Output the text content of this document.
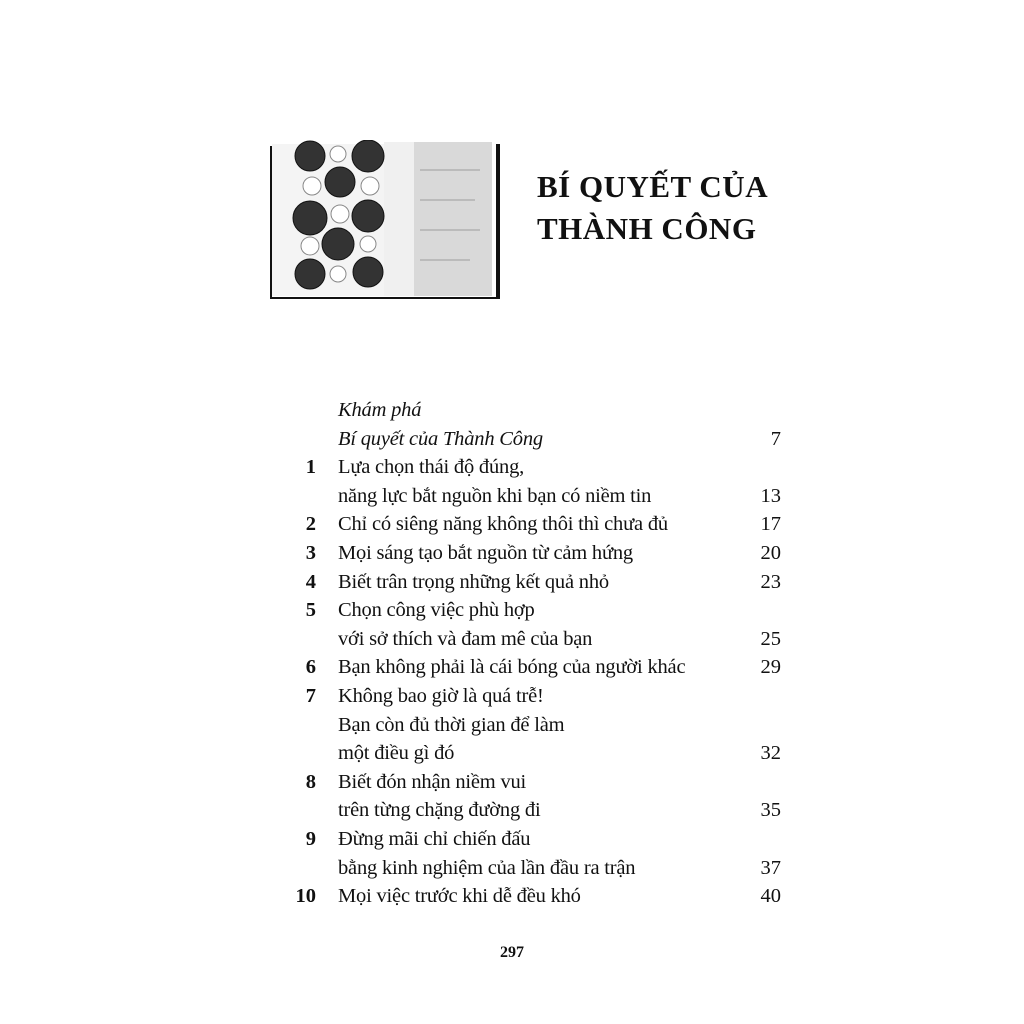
BÍ QUYẾT CỦA
THÀNH CÔNG
Khám phá
Bí quyết của Thành Công	7
1	Lựa chọn thái độ đúng,
năng lực bắt nguồn khi bạn có niềm tin	13
2	Chỉ có siêng năng không thôi thì chưa đủ	17
3	Mọi sáng tạo bắt nguồn từ cảm hứng	20
4	Biết trân trọng những kết quả nhỏ	23
5	Chọn công việc phù hợp
với sở thích và đam mê của bạn	25
6	Bạn không phải là cái bóng của người khác	29
7	Không bao giờ là quá trễ!
Bạn còn đủ thời gian để làm
một điều gì đó	32
8	Biết đón nhận niềm vui
trên từng chặng đường đi	35
9	Đừng mãi chỉ chiến đấu
bằng kinh nghiệm của lần đầu ra trận	37
10	Mọi việc trước khi dễ đều khó	40
297
